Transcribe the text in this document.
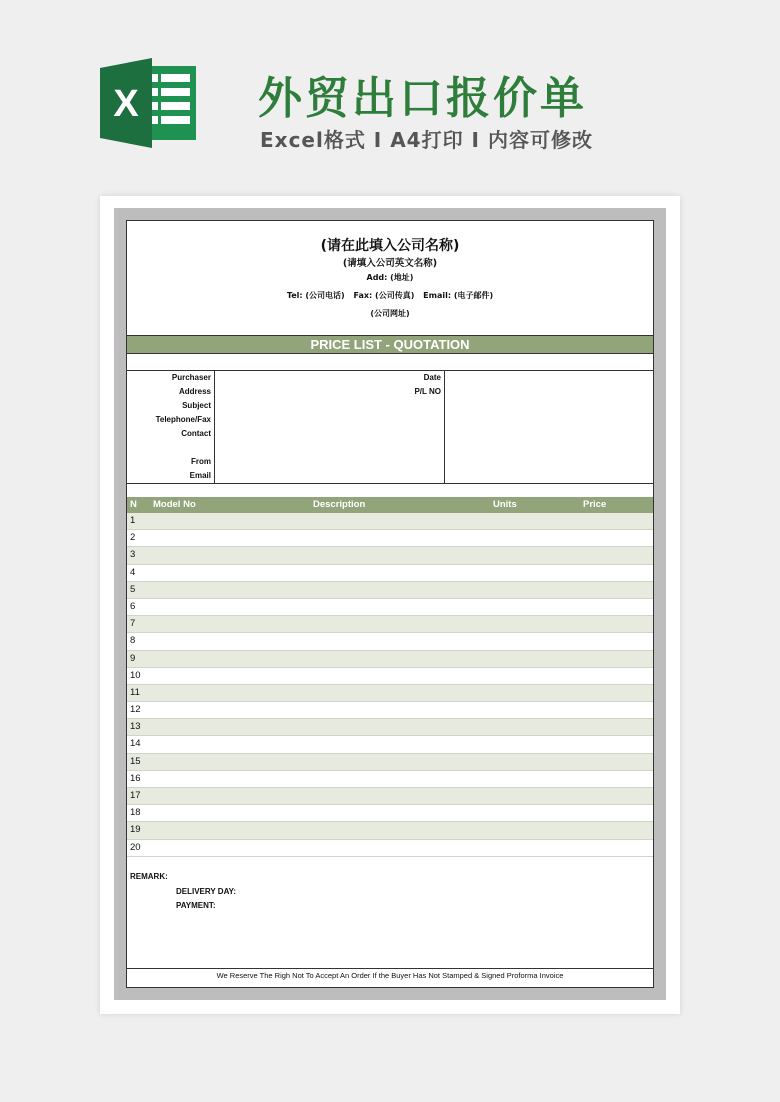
X	外贸出口报价单
Excel格式 I A4打印 I 内容可修改
(请在此填入公司名称)
(请填入公司英文名称)
Add: (地址)
Tel: (公司电话) Fax: (公司传真) Email: (电子邮件)
(公司网址)
PRICE LIST - QUOTATION
Purchaser
Address
Subject
Telephone/Fax
Contact
From
Email
Date
P/L NO
N Model No	Description	Units	Price
1
2
3
4
5
6
7
8
9
10
11
12
13
14
15
16
17
18
19
20
REMARK:
DELIVERY DAY:
PAYMENT:
We Reserve The Righ Not To Accept An Order If the Buyer Has Not Stamped & Signed Proforma Invoice
